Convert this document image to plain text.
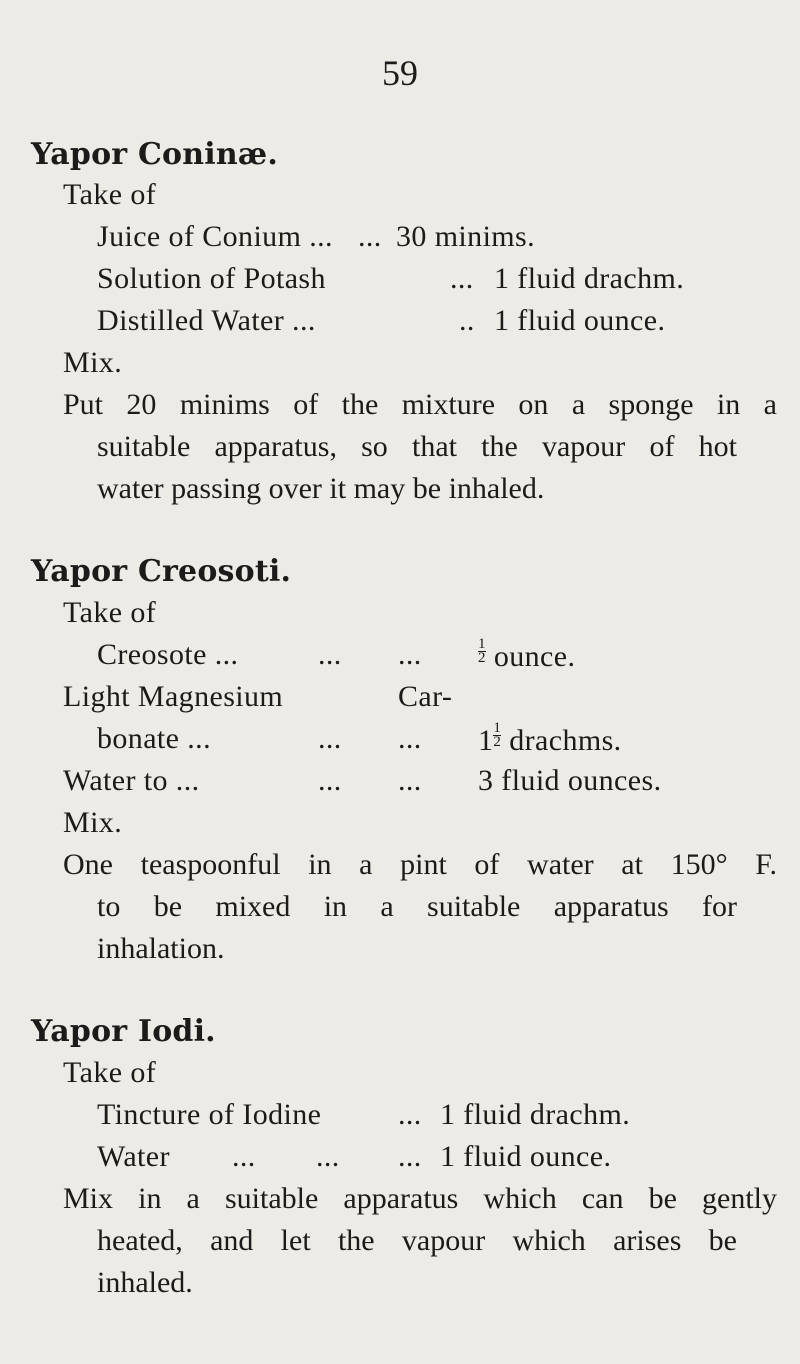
59
Yapor Coninæ.
Take of
Juice of Conium ... ... 30 minims.
Solution of Potash	... 1 fluid drachm.
Distilled Water ...	.. 1 fluid ounce.
Mix.
Put 20 minims of the mixture on a sponge in a
suitable apparatus, so that the vapour of hot
water passing over it may be inhaled.
Yapor Creosoti.
Take of
Creosote ...	... ...	$\frac{1}{2}$ ounce.
Light Magnesium	Car-
bonate ...	... ... $1 \frac{1}{2}$ drachms.
Water to ...	... ... 3 fluid ounces.
Mix.
One teaspoonful in a pint of water at 150° F.
to be mixed in a suitable apparatus for
inhalation.
Yapor Iodi.
Take of
Tincture of Iodine	... 1 fluid drachm.
Water ... ... ... 1 fluid ounce.
Mix in a suitable apparatus which can be gently
heated, and let the vapour which arises be
inhaled.
